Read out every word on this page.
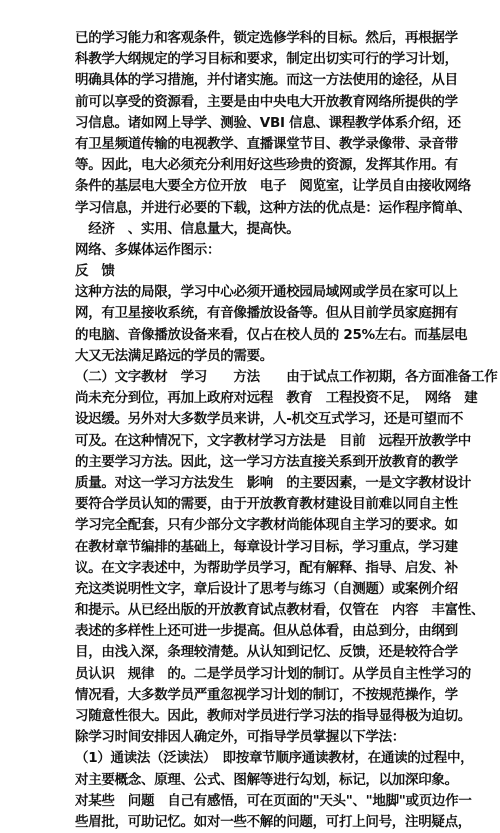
已的学习能力和客观条件，锁定选修学科的目标。然后，再根据学
科教学大纲规定的学习目标和要求，制定出切实可行的学习计划，
明确具体的学习措施，并付诸实施。而这一方法使用的途径，从目
前可以享受的资源看，主要是由中央电大开放教育网络所提供的学
习信息。诸如网上导学、测验、VBI 信息、课程教学体系介绍，还
有卫星频道传输的电视教学、直播课堂节目、教学录像带、录音带
等。因此，电大必须充分利用好这些珍贵的资源，发挥其作用。有
条件的基层电大要全方位开放　电子　阅览室，让学员自由接收网络
学习信息，并进行必要的下载，这种方法的优点是：运作程序简单、
　经济　、实用、信息量大，提高快。
网络、多媒体运作图示：
反　馈
这种方法的局限，学习中心必须开通校园局域网或学员在家可以上
网，有卫星接收系统，有音像播放设备等。但从目前学员家庭拥有
的电脑、音像播放设备来看，仅占在校人员的 25%左右。而基层电
大又无法满足路远的学员的需要。
（二）文字教材　学习　　方法　　由于试点工作初期，各方面准备工作
尚未充分到位，再加上政府对远程　教育　工程投资不足，　网络　建
设迟缓。另外对大多数学员来讲，人-机交互式学习，还是可望而不
可及。在这种情况下，文字教材学习方法是　目前　远程开放教学中
的主要学习方法。因此，这一学习方法直接关系到开放教育的教学
质量。对这一学习方法发生　影响　的主要因素，一是文字教材设计
要符合学员认知的需要，由于开放教育教材建设目前难以同自主性
学习完全配套，只有少部分文字教材尚能体现自主学习的要求。如
在教材章节编排的基础上，每章设计学习目标，学习重点，学习建
议。在文字表述中，为帮助学员学习，配有解释、指导、启发、补
充这类说明性文字，章后设计了思考与练习（自测题）或案例介绍
和提示。从已经出版的开放教育试点教材看，仅管在　内容　丰富性、
表述的多样性上还可进一步提高。但从总体看，由总到分，由纲到
目，由浅入深，条理较清楚。从认知到记忆、反馈，还是较符合学
员认识　规律　的。二是学员学习计划的制订。从学员自主性学习的
情况看，大多数学员严重忽视学习计划的制订，不按规范操作，学
习随意性很大。因此，教师对学员进行学习法的指导显得极为迫切。
除学习时间安排因人确定外，可指导学员掌握以下学法：
（1）通读法（泛读法）　即按章节顺序通读教材，在通读的过程中，
对主要概念、原理、公式、图解等进行勾划，标记，以加深印象。
对某些　问题　自己有感悟，可在页面的"天头"、"地脚"或页边作一
些眉批，可助记忆。如对一些不解的问题，可打上问号，注明疑点，
